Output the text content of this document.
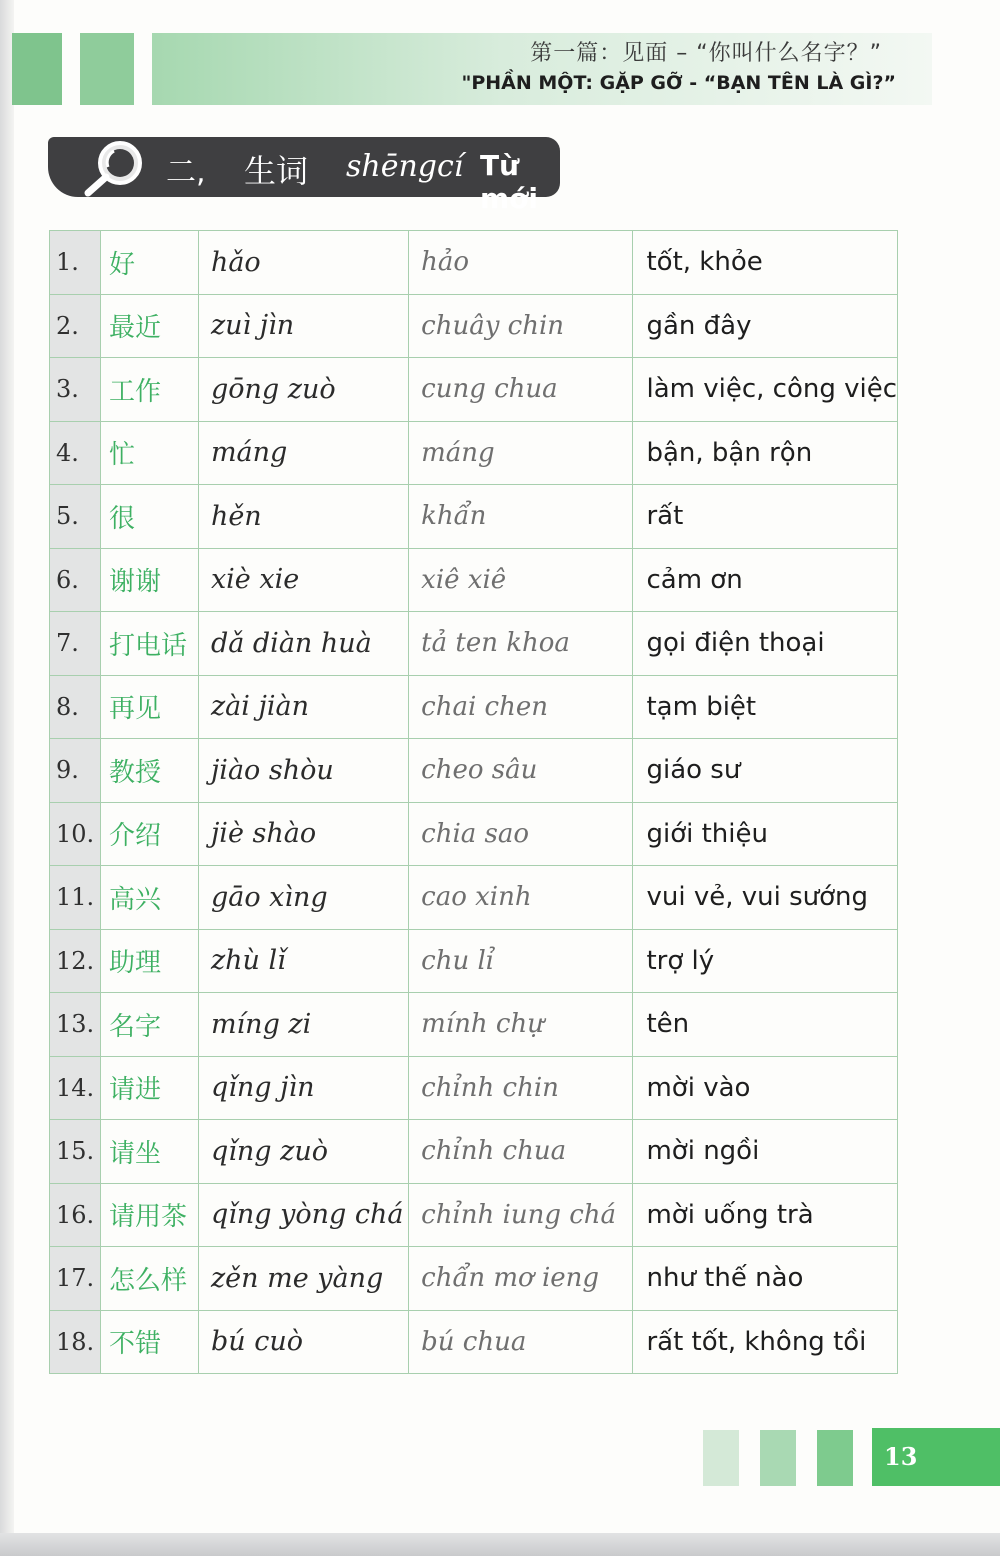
第一篇：见面 – “你叫什么名字？”
"PHẦN MỘT: GẶP GỠ - “BẠN TÊN LÀ GÌ?”
二, 生词 shēngcí Từ mới
1.	好	hǎo	hảo	tốt, khỏe
2.	最近	zuì jìn	chuây chin	gần đây
3.	工作	gōng zuò	cung chua	làm việc, công việc
4.	忙	máng	máng	bận, bận rộn
5.	很	hěn	khẩn	rất
6.	谢谢	xiè xie	xiê xiê	cảm ơn
7.	打电话	dǎ diàn huà	tả ten khoa	gọi điện thoại
8.	再见	zài jiàn	chai chen	tạm biệt
9.	教授	jiào shòu	cheo sâu	giáo sư
10.	介绍	jiè shào	chia sao	giới thiệu
11.	高兴	gāo xìng	cao xinh	vui vẻ, vui sướng
12.	助理	zhù lǐ	chu lỉ	trợ lý
13.	名字	míng zi	mính chự	tên
14.	请进	qǐng jìn	chỉnh chin	mời vào
15.	请坐	qǐng zuò	chỉnh chua	mời ngồi
16.	请用茶	qǐng yòng chá	chỉnh iung chá	mời uống trà
17.	怎么样	zěn me yàng	chẩn mơ ieng	như thế nào
18.	不错	bú cuò	bú chua	rất tốt, không tồi
13
